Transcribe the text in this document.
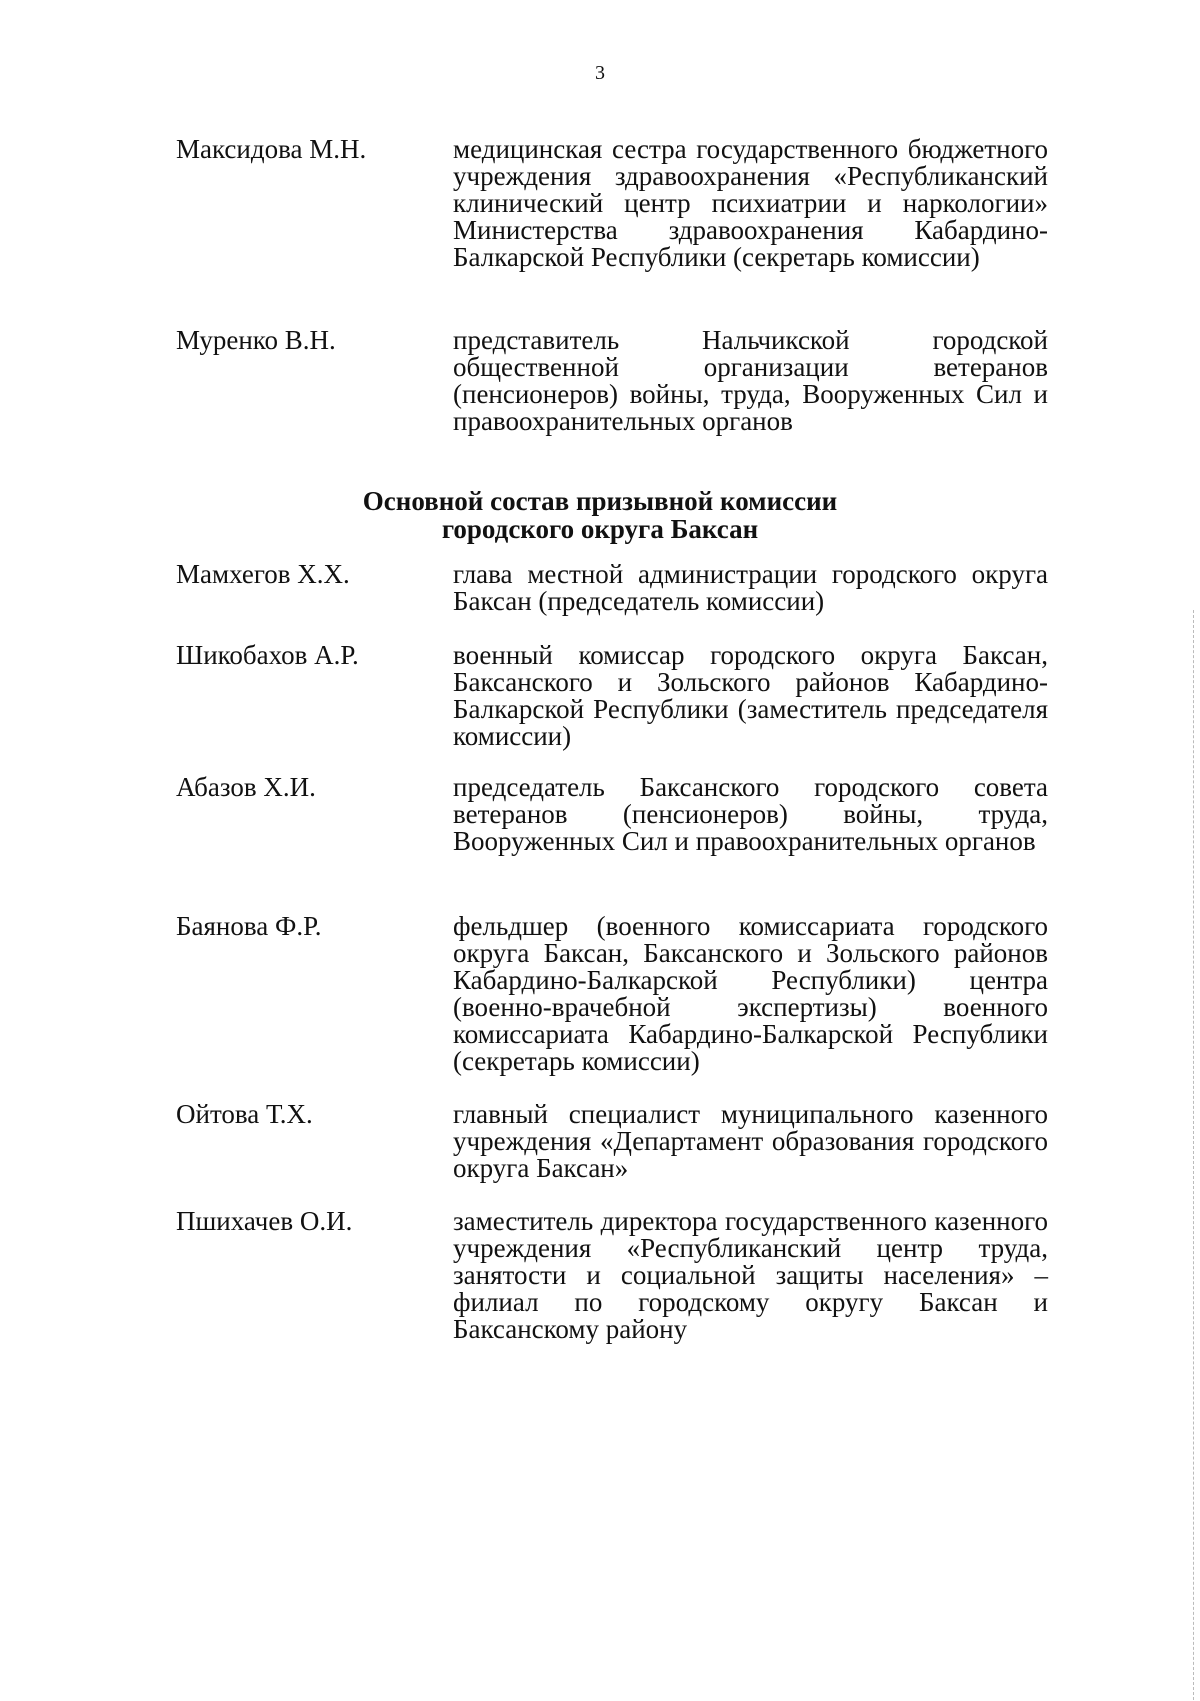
3
Максидова М.Н.	медицинская сестра государственного бюджетного учреждения здравоохранения «Республиканский клинический центр психиатрии и наркологии» Министерства здравоохранения Кабардино-Балкарской Республики (секретарь комиссии)
Муренко В.Н.	представитель Нальчикской городской общественной организации ветеранов (пенсионеров) войны, труда, Вооруженных Сил и правоохранительных органов
Основной состав призывной комиссии
городского округа Баксан
Мамхегов Х.Х.	глава местной администрации городского округа Баксан (председатель комиссии)
Шикобахов А.Р.	военный комиссар городского округа Баксан, Баксанского и Зольского районов Кабардино-Балкарской Республики (заместитель председателя комиссии)
Абазов Х.И.	председатель Баксанского городского совета ветеранов (пенсионеров) войны, труда, Вооруженных Сил и правоохранительных органов
Баянова Ф.Р.	фельдшер (военного комиссариата городского округа Баксан, Баксанского и Зольского районов Кабардино-Балкарской Республики) центра (военно-врачебной экспертизы) военного комиссариата Кабардино-Балкарской Республики (секретарь комиссии)
Ойтова Т.Х.	главный специалист муниципального казенного учреждения «Департамент образования городского округа Баксан»
Пшихачев О.И.	заместитель директора государственного казенного учреждения «Республиканский центр труда, занятости и социальной защиты населения» – филиал по городскому округу Баксан и Баксанскому району
